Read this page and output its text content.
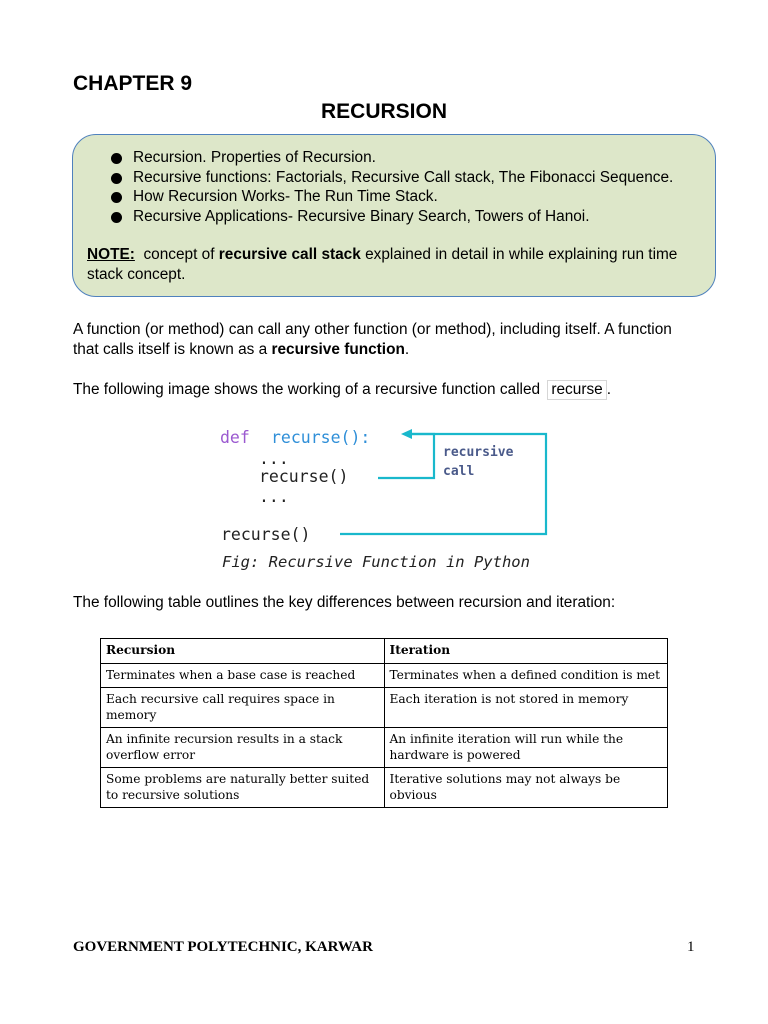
CHAPTER 9
RECURSION
Recursion. Properties of Recursion.
Recursive functions: Factorials, Recursive Call stack, The Fibonacci Sequence.
How Recursion Works- The Run Time Stack.
Recursive Applications- Recursive Binary Search, Towers of Hanoi.
NOTE: concept of recursive call stack explained in detail in while explaining run time stack concept.
A function (or method) can call any other function (or method), including itself. A function that calls itself is known as a recursive function.
The following image shows the working of a recursive function called recurse .
def recurse():
...
recurse()
...
recurse()
recursive
call
Fig: Recursive Function in Python
The following table outlines the key differences between recursion and iteration:
Recursion	Iteration
Terminates when a base case is reached	Terminates when a defined condition is met
Each recursive call requires space in memory	Each iteration is not stored in memory
An infinite recursion results in a stack overflow error	An infinite iteration will run while the hardware is powered
Some problems are naturally better suited to recursive solutions	Iterative solutions may not always be obvious
GOVERNMENT POLYTECHNIC, KARWAR	1
